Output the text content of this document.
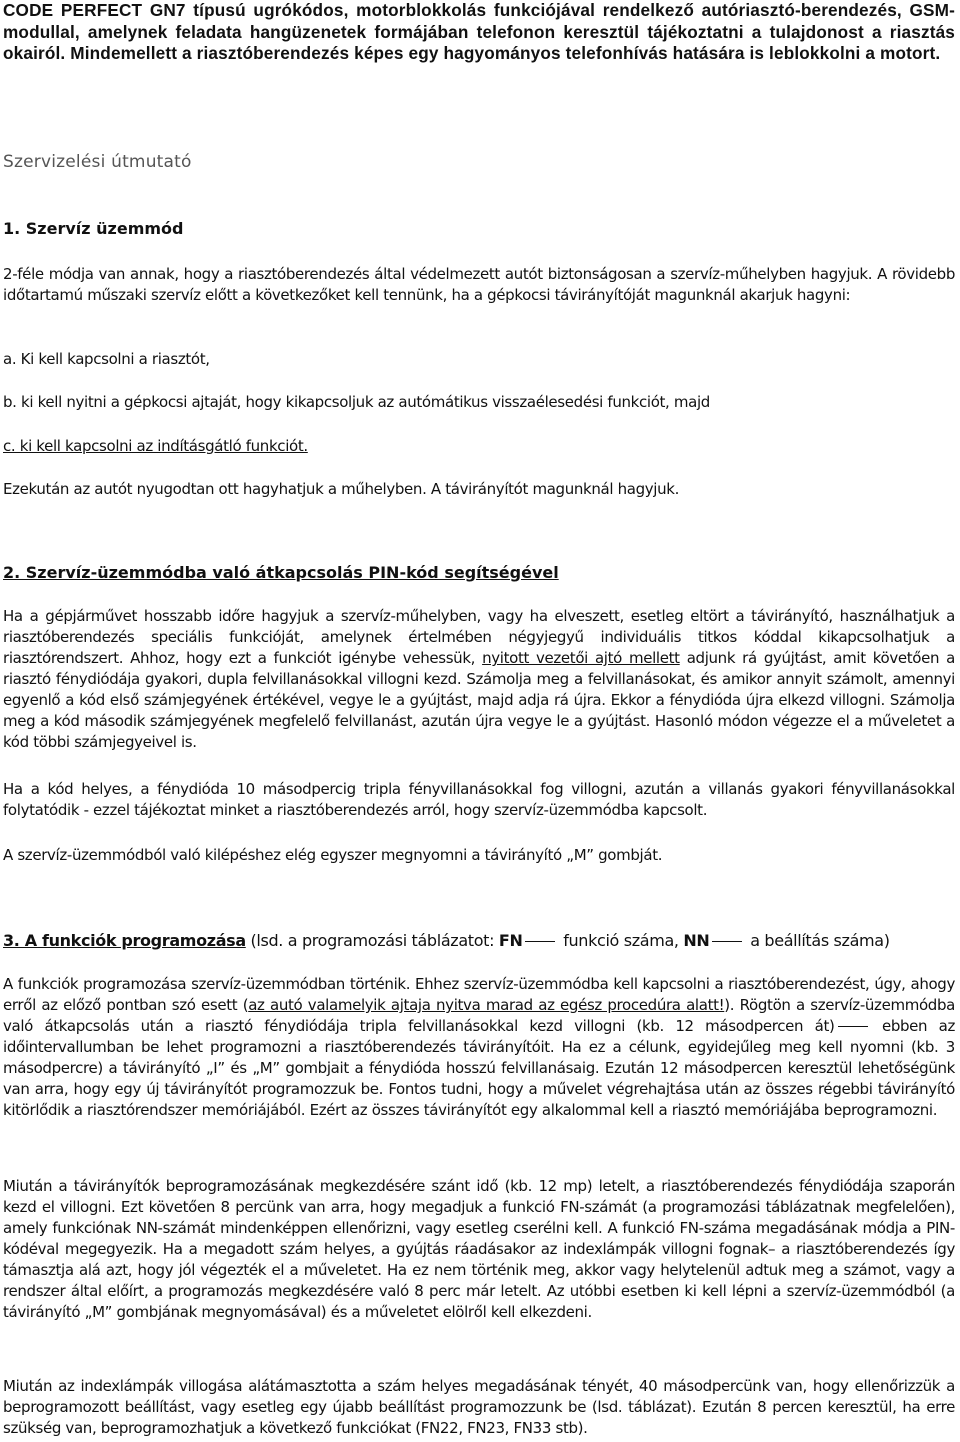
CODE PERFECT GN7 típusú ugrókódos, motorblokkolás funkciójával rendelkező autóriasztó-berendezés, GSM-modullal, amelynek feladata hangüzenetek formájában telefonon keresztül tájékoztatni a tulajdonost a riasztás okairól. Mindemellett a riasztóberendezés képes egy hagyományos telefonhívás hatására is leblokkolni a motort.
Szervizelési útmutató
1. Szervíz üzemmód
2-féle módja van annak, hogy a riasztóberendezés által védelmezett autót biztonságosan a szervíz-műhelyben hagyjuk. A rövidebb időtartamú műszaki szervíz előtt a következőket kell tennünk, ha a gépkocsi távirányítóját magunknál akarjuk hagyni:
a. Ki kell kapcsolni a riasztót,
b. ki kell nyitni a gépkocsi ajtaját, hogy kikapcsoljuk az autómátikus visszaélesedési funkciót, majd
c. ki kell kapcsolni az indításgátló funkciót.
Ezekután az autót nyugodtan ott hagyhatjuk a műhelyben. A távirányítót magunknál hagyjuk.
2. Szervíz-üzemmódba való átkapcsolás PIN-kód segítségével
Ha a gépjárművet hosszabb időre hagyjuk a szervíz-műhelyben, vagy ha elveszett, esetleg eltört a távirányító, használhatjuk a riasztóberendezés speciális funkcióját, amelynek értelmében négyjegyű individuális titkos kóddal kikapcsolhatjuk a riasztórendszert. Ahhoz, hogy ezt a funkciót igénybe vehessük, nyitott vezetői ajtó mellett adjunk rá gyújtást, amit követően a riasztó fénydiódája gyakori, dupla felvillanásokkal villogni kezd. Számolja meg a felvillanásokat, és amikor annyit számolt, amennyi egyenlő a kód első számjegyének értékével, vegye le a gyújtást, majd adja rá újra. Ekkor a fénydióda újra elkezd villogni. Számolja meg a kód második számjegyének megfelelő felvillanást, azután újra vegye le a gyújtást. Hasonló módon végezze el a műveletet a kód többi számjegyeivel is.
Ha a kód helyes, a fénydióda 10 másodpercig tripla fényvillanásokkal fog villogni, azután a villanás gyakori fényvillanásokkal folytatódik - ezzel tájékoztat minket a riasztóberendezés arról, hogy szervíz-üzemmódba kapcsolt.
A szervíz-üzemmódból való kilépéshez elég egyszer megnyomni a távirányító „M” gombját.
3. A funkciók programozása (lsd. a programozási táblázatot: FN funkció száma, NN a beállítás száma)
A funkciók programozása szervíz-üzemmódban történik. Ehhez szervíz-üzemmódba kell kapcsolni a riasztóberendezést, úgy, ahogy erről az előző pontban szó esett (az autó valamelyik ajtaja nyitva marad az egész procedúra alatt!). Rögtön a szervíz-üzemmódba való átkapcsolás után a riasztó fénydiódája tripla felvillanásokkal kezd villogni (kb. 12 másodpercen át) ebben az időintervallumban be lehet programozni a riasztóberendezés távirányítóit. Ha ez a célunk, egyidejűleg meg kell nyomni (kb. 3 másodpercre) a távirányító „I” és „M” gombjait a fénydióda hosszú felvillanásaig. Ezután 12 másodpercen keresztül lehetőségünk van arra, hogy egy új távirányítót programozzuk be. Fontos tudni, hogy a művelet végrehajtása után az összes régebbi távirányító kitörlődik a riasztórendszer memóriájából. Ezért az összes távirányítót egy alkalommal kell a riasztó memóriájába beprogramozni.
Miután a távirányítók beprogramozásának megkezdésére szánt idő (kb. 12 mp) letelt, a riasztóberendezés fénydiódája szaporán kezd el villogni. Ezt követően 8 percünk van arra, hogy megadjuk a funkció FN-számát (a programozási táblázatnak megfelelően), amely funkciónak NN-számát mindenképpen ellenőrizni, vagy esetleg cserélni kell. A funkció FN-száma megadásának módja a PIN-kódéval megegyezik. Ha a megadott szám helyes, a gyújtás ráadásakor az indexlámpák villogni fognak– a riasztóberendezés így támasztja alá azt, hogy jól végezték el a műveletet. Ha ez nem történik meg, akkor vagy helytelenül adtuk meg a számot, vagy a rendszer által előírt, a programozás megkezdésére való 8 perc már letelt. Az utóbbi esetben ki kell lépni a szervíz-üzemmódból (a távirányító „M” gombjának megnyomásával) és a műveletet elölről kell elkezdeni.
Miután az indexlámpák villogása alátámasztotta a szám helyes megadásának tényét, 40 másodpercünk van, hogy ellenőrizzük a beprogramozott beállítást, vagy esetleg egy újabb beállítást programozzunk be (lsd. táblázat). Ezután 8 percen keresztül, ha erre szükség van, beprogramozhatjuk a következő funkciókat (FN22, FN23, FN33 stb).
